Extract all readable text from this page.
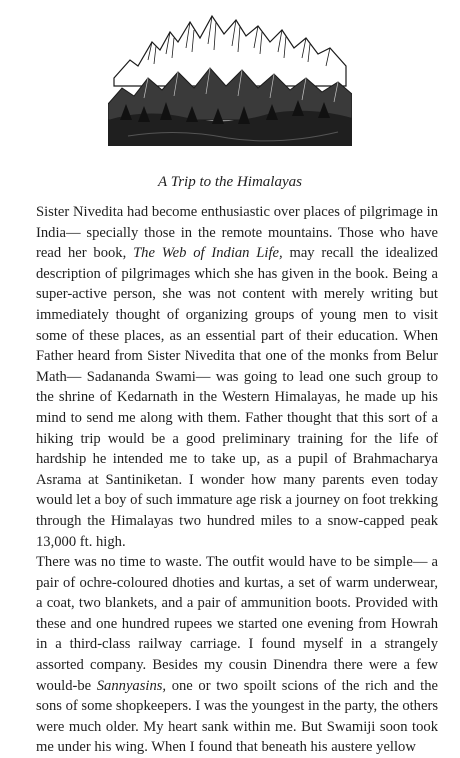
A Trip to the Himalayas

Sister Nivedita had become enthusiastic over places of pilgrimage in India— specially those in the remote mountains. Those who have read her book, The Web of Indian Life, may recall the idealized description of pilgrimages which she has given in the book. Being a super-active person, she was not content with merely writing but immediately thought of organizing groups of young men to visit some of these places, as an essential part of their education. When Father heard from Sister Nivedita that one of the monks from Belur Math— Sadananda Swami— was going to lead one such group to the shrine of Kedarnath in the Western Himalayas, he made up his mind to send me along with them. Father thought that this sort of a hiking trip would be a good preliminary training for the life of hardship he intended me to take up, as a pupil of Brahmacharya Asrama at Santiniketan. I wonder how many parents even today would let a boy of such immature age risk a journey on foot trekking through the Himalayas two hundred miles to a snow-capped peak 13,000 ft. high.

There was no time to waste. The outfit would have to be simple— a pair of ochre-coloured dhoties and kurtas, a set of warm underwear, a coat, two blankets, and a pair of ammunition boots. Provided with these and one hundred rupees we started one evening from Howrah in a third-class railway carriage. I found myself in a strangely assorted company. Besides my cousin Dinendra there were a few would-be Sannyasins, one or two spoilt scions of the rich and the sons of some shopkeepers. I was the youngest in the party, the others were much older. My heart sank within me. But Swamiji soon took me under his wing. When I found that beneath his austere yellow
